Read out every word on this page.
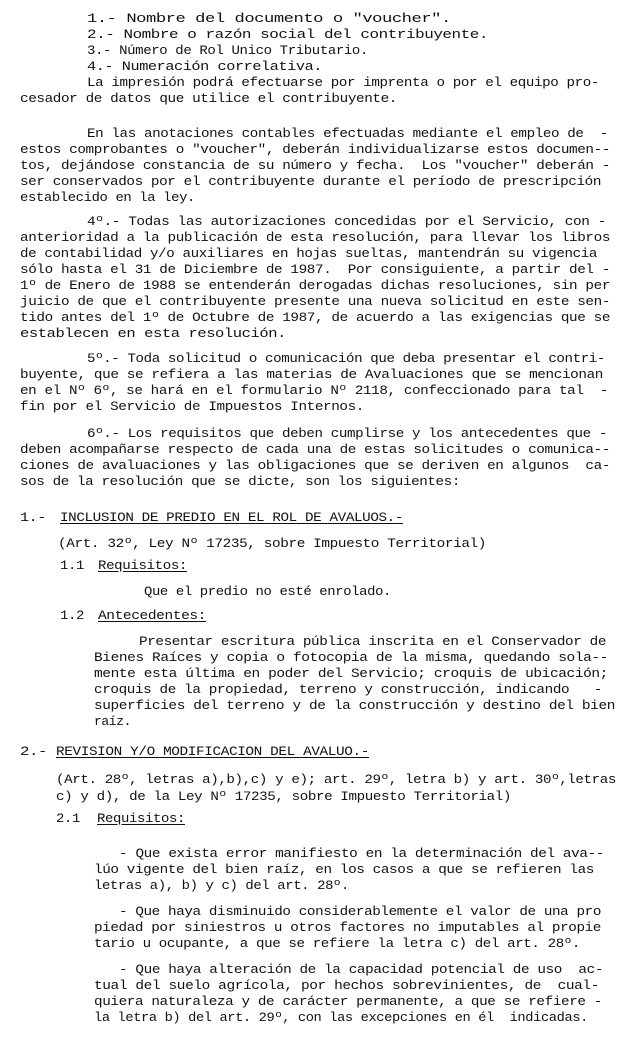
1.- Nombre del documento o "voucher".
2.- Nombre o razón social del contribuyente.
3.- Número de Rol Unico Tributario.
4.- Numeración correlativa.
La impresión podrá efectuarse por imprenta o por el equipo pro-
cesador de datos que utilice el contribuyente.
En las anotaciones contables efectuadas mediante el empleo de  -
estos comprobantes o "voucher", deberán individualizarse estos documen--
tos, dejándose constancia de su número y fecha.  Los "voucher" deberán -
ser conservados por el contribuyente durante el período de prescripción
establecido en la ley.
4º.- Todas las autorizaciones concedidas por el Servicio, con -
anterioridad a la publicación de esta resolución, para llevar los libros
de contabilidad y/o auxiliares en hojas sueltas, mantendrán su vigencia
sólo hasta el 31 de Diciembre de 1987.  Por consiguiente, a partir del -
1º de Enero de 1988 se entenderán derogadas dichas resoluciones, sin per
juicio de que el contribuyente presente una nueva solicitud en este sen-
tido antes del 1º de Octubre de 1987, de acuerdo a las exigencias que se
establecen en esta resolución.
5º.- Toda solicitud o comunicación que deba presentar el contri-
buyente, que se refiera a las materias de Avaluaciones que se mencionan
en el Nº 6º, se hará en el formulario Nº 2118, confeccionado para tal  -
fin por el Servicio de Impuestos Internos.
6º.- Los requisitos que deben cumplirse y los antecedentes que -
deben acompañarse respecto de cada una de estas solicitudes o comunica--
ciones de avaluaciones y las obligaciones que se deriven en algunos  ca-
sos de la resolución que se dicte, son los siguientes:
1.- INCLUSION DE PREDIO EN EL ROL DE AVALUOS.-
(Art. 32º, Ley Nº 17235, sobre Impuesto Territorial)
1.1 Requisitos:
Que el predio no esté enrolado.
1.2 Antecedentes:
Presentar escritura pública inscrita en el Conservador de
Bienes Raíces y copia o fotocopia de la misma, quedando sola--
mente esta última en poder del Servicio; croquis de ubicación;
croquis de la propiedad, terreno y construcción, indicando   -
superficies del terreno y de la construcción y destino del bien
raíz.
2.- REVISION Y/O MODIFICACION DEL AVALUO.-
(Art. 28º, letras a),b),c) y e); art. 29º, letra b) y art. 30º,letras
c) y d), de la Ley Nº 17235, sobre Impuesto Territorial)
2.1 Requisitos:
- Que exista error manifiesto en la determinación del ava--
lúo vigente del bien raíz, en los casos a que se refieren las
letras a), b) y c) del art. 28º.
- Que haya disminuido considerablemente el valor de una pro
piedad por siniestros u otros factores no imputables al propie
tario u ocupante, a que se refiere la letra c) del art. 28º.
- Que haya alteración de la capacidad potencial de uso  ac-
tual del suelo agrícola, por hechos sobrevinientes, de  cual-
quiera naturaleza y de carácter permanente, a que se refiere -
la letra b) del art. 29º, con las excepciones en él  indicadas.
